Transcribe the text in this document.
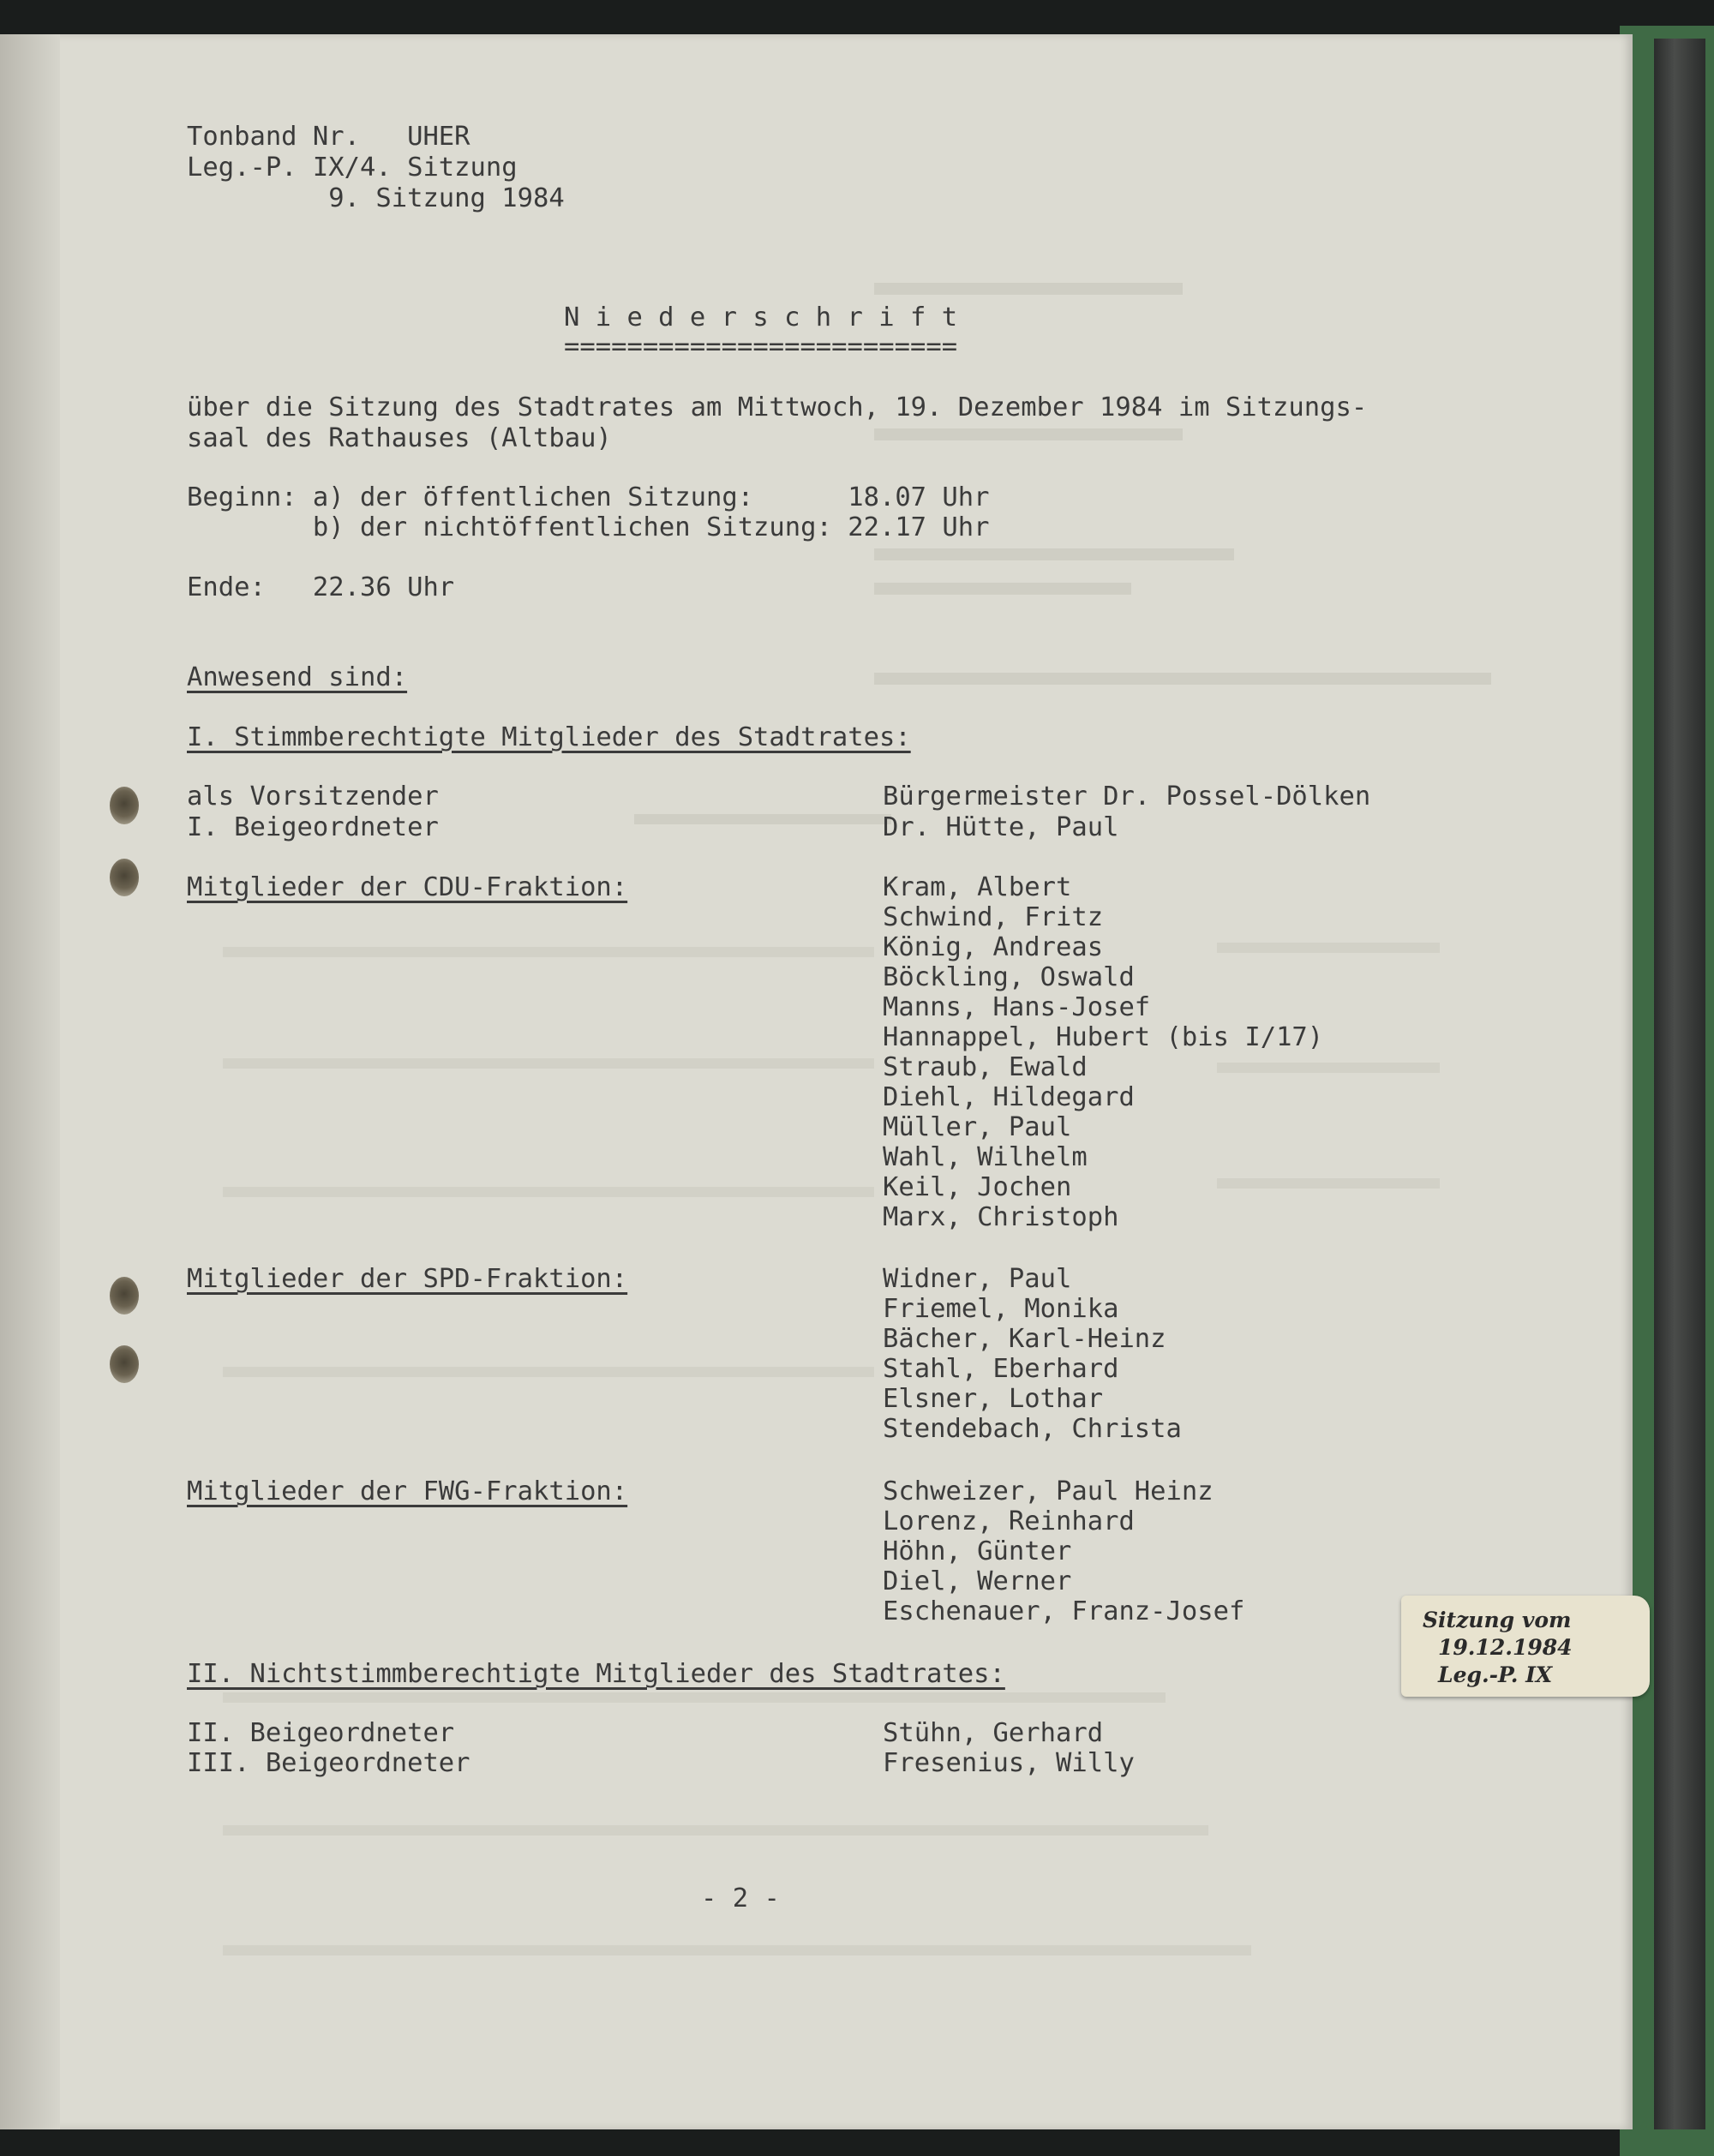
Tonband Nr.   UHER
Leg.-P. IX/4. Sitzung
9. Sitzung 1984
N i e d e r s c h r i f t
=========================
über die Sitzung des Stadtrates am Mittwoch, 19. Dezember 1984 im Sitzungs-
saal des Rathauses (Altbau)
Beginn: a) der öffentlichen Sitzung:      18.07 Uhr
b) der nichtöffentlichen Sitzung: 22.17 Uhr
Ende:   22.36 Uhr
Anwesend sind:
I. Stimmberechtigte Mitglieder des Stadtrates:
als Vorsitzender	Bürgermeister Dr. Possel-Dölken
I. Beigeordneter	Dr. Hütte, Paul
Mitglieder der CDU-Fraktion:	Kram, Albert
Schwind, Fritz
König, Andreas
Böckling, Oswald
Manns, Hans-Josef
Hannappel, Hubert (bis I/17)
Straub, Ewald
Diehl, Hildegard
Müller, Paul
Wahl, Wilhelm
Keil, Jochen
Marx, Christoph
Mitglieder der SPD-Fraktion:	Widner, Paul
Friemel, Monika
Bächer, Karl-Heinz
Stahl, Eberhard
Elsner, Lothar
Stendebach, Christa
Mitglieder der FWG-Fraktion:	Schweizer, Paul Heinz
Lorenz, Reinhard
Höhn, Günter
Diel, Werner
Eschenauer, Franz-Josef
II. Nichtstimmberechtigte Mitglieder des Stadtrates:
II. Beigeordneter	Stühn, Gerhard
III. Beigeordneter	Fresenius, Willy
- 2 -
Sitzung vom
19.12.1984
Leg.-P. IX
